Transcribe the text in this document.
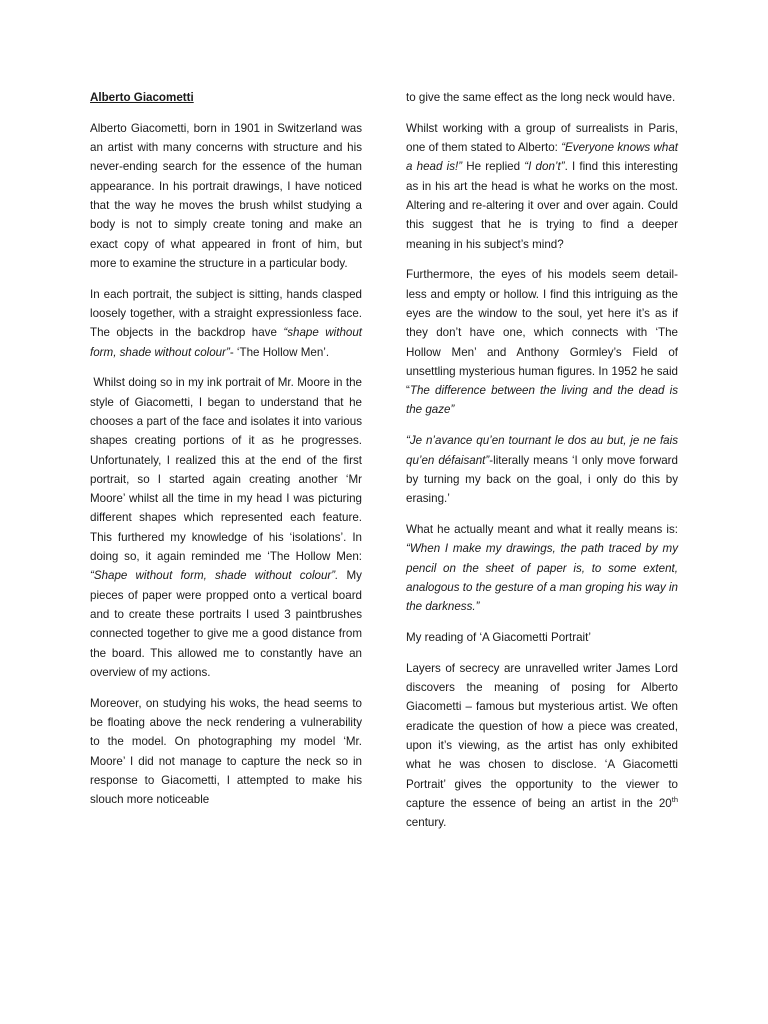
Alberto Giacometti

Alberto Giacometti, born in 1901 in Switzerland was an artist with many concerns with structure and his never-ending search for the essence of the human appearance. In his portrait drawings, I have noticed that the way he moves the brush whilst studying a body is not to simply create toning and make an exact copy of what appeared in front of him, but more to examine the structure in a particular body.

In each portrait, the subject is sitting, hands clasped loosely together, with a straight expressionless face. The objects in the backdrop have “shape without form, shade without colour”- ‘The Hollow Men’.

Whilst doing so in my ink portrait of Mr. Moore in the style of Giacometti, I began to understand that he chooses a part of the face and isolates it into various shapes creating portions of it as he progresses. Unfortunately, I realized this at the end of the first portrait, so I started again creating another ‘Mr Moore’ whilst all the time in my head I was picturing different shapes which represented each feature. This furthered my knowledge of his ‘isolations’. In doing so, it again reminded me ‘The Hollow Men: “Shape without form, shade without colour”. My pieces of paper were propped onto a vertical board and to create these portraits I used 3 paintbrushes connected together to give me a good distance from the board. This allowed me to constantly have an overview of my actions.

Moreover, on studying his woks, the head seems to be floating above the neck rendering a vulnerability to the model. On photographing my model ‘Mr. Moore’ I did not manage to capture the neck so in response to Giacometti, I attempted to make his slouch more noticeable

to give the same effect as the long neck would have.

Whilst working with a group of surrealists in Paris, one of them stated to Alberto: “Everyone knows what a head is!” He replied “I don’t”. I find this interesting as in his art the head is what he works on the most. Altering and re-altering it over and over again. Could this suggest that he is trying to find a deeper meaning in his subject’s mind?

Furthermore, the eyes of his models seem detail-less and empty or hollow. I find this intriguing as the eyes are the window to the soul, yet here it’s as if they don’t have one, which connects with ‘The Hollow Men’ and Anthony Gormley’s Field of unsettling mysterious human figures. In 1952 he said “The difference between the living and the dead is the gaze”

“Je n’avance qu’en tournant le dos au but, je ne fais qu’en défaisant”-literally means ‘I only move forward by turning my back on the goal, i only do this by erasing.’

What he actually meant and what it really means is: “When I make my drawings, the path traced by my pencil on the sheet of paper is, to some extent, analogous to the gesture of a man groping his way in the darkness.”

My reading of ‘A Giacometti Portrait’

Layers of secrecy are unravelled writer James Lord discovers the meaning of posing for Alberto Giacometti – famous but mysterious artist. We often eradicate the question of how a piece was created, upon it’s viewing, as the artist has only exhibited what he was chosen to disclose. ‘A Giacometti Portrait’ gives the opportunity to the viewer to capture the essence of being an artist in the 20th century.
